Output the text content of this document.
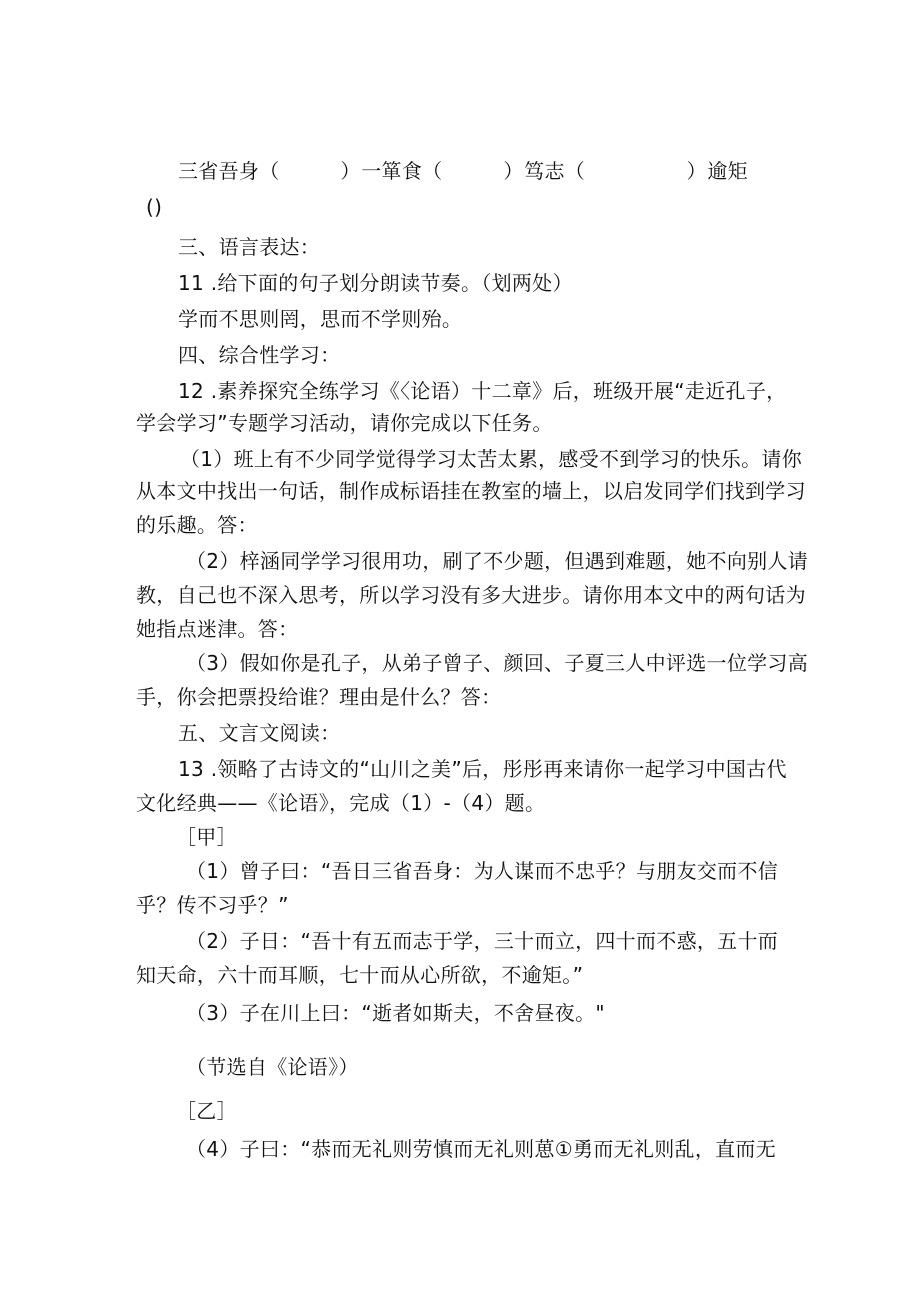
三省吾身（　　　） 一箪食（　　　） 笃志（　　　　　） 逾矩
()
三、语言表达：
11 .给下面的句子划分朗读节奏。（划两处）
学而不思则罔，思而不学则殆。
四、综合性学习：
12 .素养探究全练学习《〈论语）十二章》后，班级开展“走近孔子，
学会学习”专题学习活动，请你完成以下任务。
（1）班上有不少同学觉得学习太苦太累，感受不到学习的快乐。请你
从本文中找出一句话，制作成标语挂在教室的墙上，以启发同学们找到学习
的乐趣。答：
（2）梓涵同学学习很用功，刷了不少题，但遇到难题，她不向别人请
教，自己也不深入思考，所以学习没有多大进步。请你用本文中的两句话为
她指点迷津。答：
（3）假如你是孔子，从弟子曾子、颜回、子夏三人中评选一位学习高
手，你会把票投给谁？理由是什么？答：
五、文言文阅读：
13 .领略了古诗文的“山川之美”后，彤彤再来请你一起学习中国古代
文化经典——《论语》，完成（1）-（4）题。
［甲］
（1）曾子曰：“吾日三省吾身：为人谋而不忠乎？与朋友交而不信
乎？传不习乎？”
（2）子日：“吾十有五而志于学，三十而立，四十而不惑，五十而
知天命，六十而耳顺，七十而从心所欲，不逾矩。”
（3）子在川上曰：“逝者如斯夫，不舍昼夜。"
（节选自《论语》）
［乙］
（4）子曰：“恭而无礼则劳慎而无礼则葸①勇而无礼则乱，直而无
